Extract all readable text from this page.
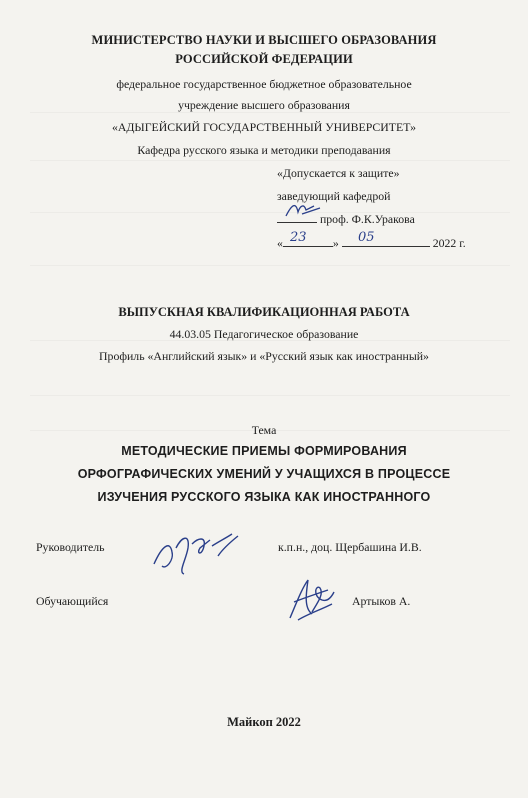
МИНИСТЕРСТВО НАУКИ И ВЫСШЕГО ОБРАЗОВАНИЯ
РОССИЙСКОЙ ФЕДЕРАЦИИ
федеральное государственное бюджетное образовательное
учреждение высшего образования
«АДЫГЕЙСКИЙ ГОСУДАРСТВЕННЫЙ УНИВЕРСИТЕТ»
Кафедра русского языка и методики преподавания
«Допускается к защите»
заведующий кафедрой
проф. Ф.К.Уракова
«	»	2022 г.
23	05
ВЫПУСКНАЯ КВАЛИФИКАЦИОННАЯ РАБОТА
44.03.05 Педагогическое образование
Профиль «Английский язык» и «Русский язык как иностранный»
Тема
МЕТОДИЧЕСКИЕ ПРИЕМЫ ФОРМИРОВАНИЯ
ОРФОГРАФИЧЕСКИХ УМЕНИЙ У УЧАЩИХСЯ В ПРОЦЕССЕ
ИЗУЧЕНИЯ РУССКОГО ЯЗЫКА КАК ИНОСТРАННОГО
Руководитель	к.п.н., доц. Щербашина И.В.
Обучающийся	Артыков А.
Майкоп 2022
